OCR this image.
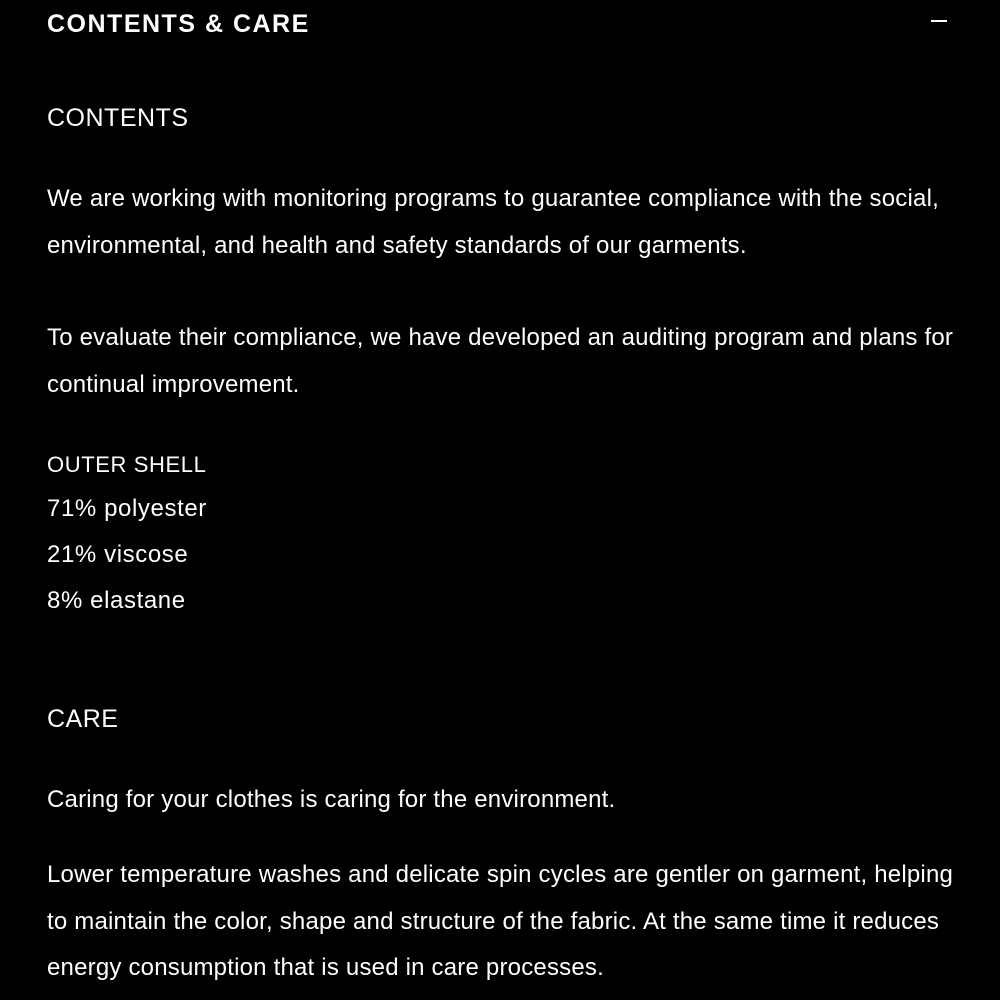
CONTENTS & CARE
CONTENTS

We are working with monitoring programs to guarantee compliance with the social, environmental, and health and safety standards of our garments.

To evaluate their compliance, we have developed an auditing program and plans for continual improvement.

OUTER SHELL
71% polyester
21% viscose
8% elastane
CARE

Caring for your clothes is caring for the environment.

Lower temperature washes and delicate spin cycles are gentler on garment, helping to maintain the color, shape and structure of the fabric. At the same time it reduces energy consumption that is used in care processes.
